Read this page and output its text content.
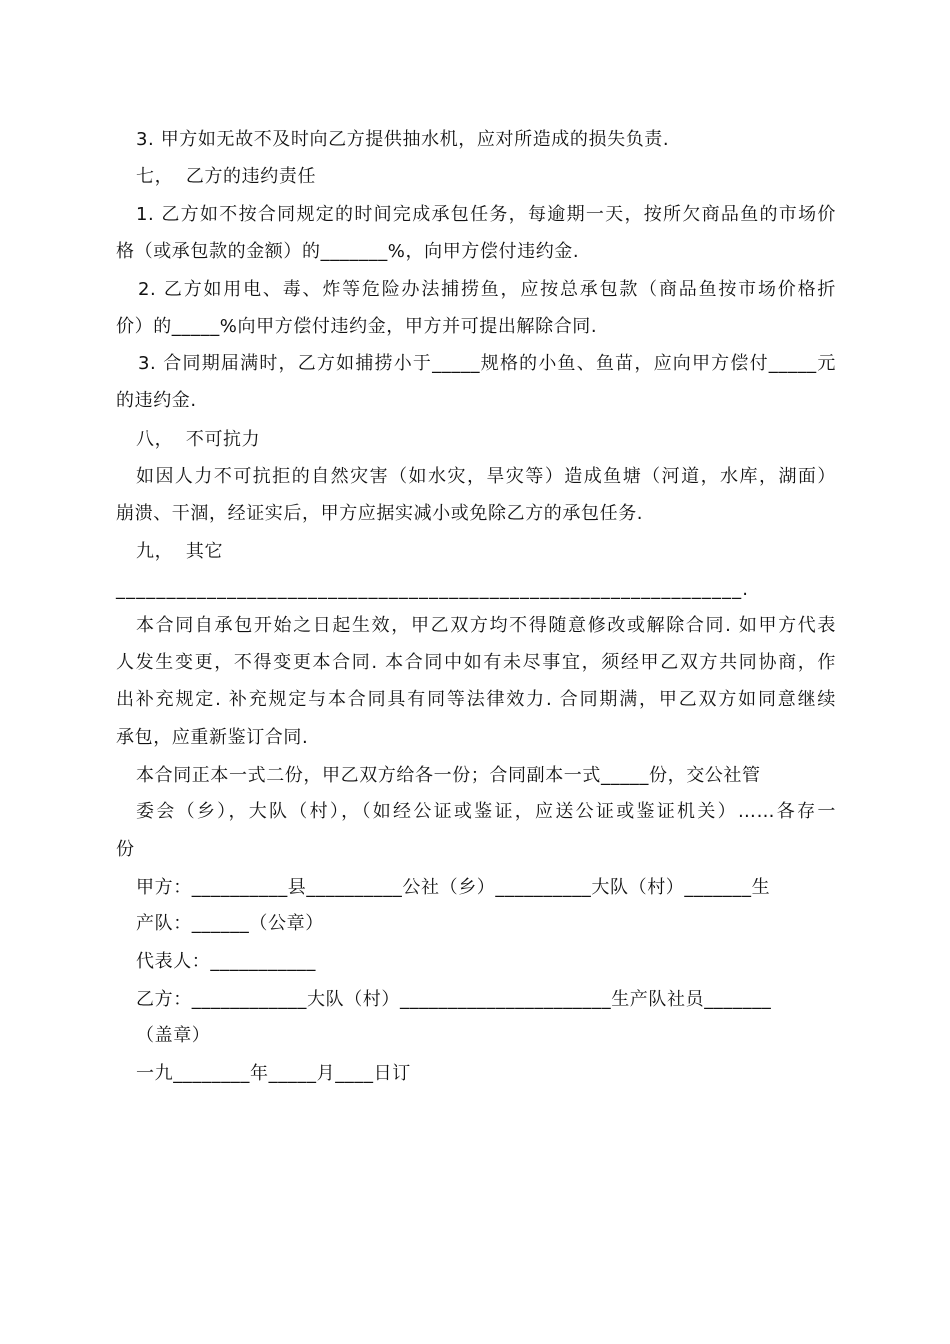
3. 甲方如无故不及时向乙方提供抽水机，应对所造成的损失负责.
七，  乙方的违约责任
1. 乙方如不按合同规定的时间完成承包任务，每逾期一天，按所欠商品鱼的市场价
格（或承包款的金额）的_______%，向甲方偿付违约金.
2. 乙方如用电、毒、炸等危险办法捕捞鱼，应按总承包款（商品鱼按市场价格折
价）的_____%向甲方偿付违约金，甲方并可提出解除合同.
3. 合同期届满时，乙方如捕捞小于_____规格的小鱼、鱼苗，应向甲方偿付_____元
的违约金.
八，  不可抗力
如因人力不可抗拒的自然灾害（如水灾，旱灾等）造成鱼塘（河道，水库，湖面）
崩溃、干涸，经证实后，甲方应据实减小或免除乙方的承包任务.
九，  其它
______________________________________________________________.
本合同自承包开始之日起生效，甲乙双方均不得随意修改或解除合同. 如甲方代表
人发生变更，不得变更本合同. 本合同中如有未尽事宜，须经甲乙双方共同协商，作
出补充规定. 补充规定与本合同具有同等法律效力. 合同期满，甲乙双方如同意继续
承包，应重新鉴订合同.
本合同正本一式二份，甲乙双方给各一份；合同副本一式_____份，交公社管
委会（乡），大队（村），（如经公证或鉴证，应送公证或鉴证机关）……各存一
份
甲方：__________县__________公社（乡）__________大队（村）_______生
产队：______（公章）
代表人：___________
乙方：____________大队（村）______________________生产队社员_______
（盖章）
一九________年_____月____日订
